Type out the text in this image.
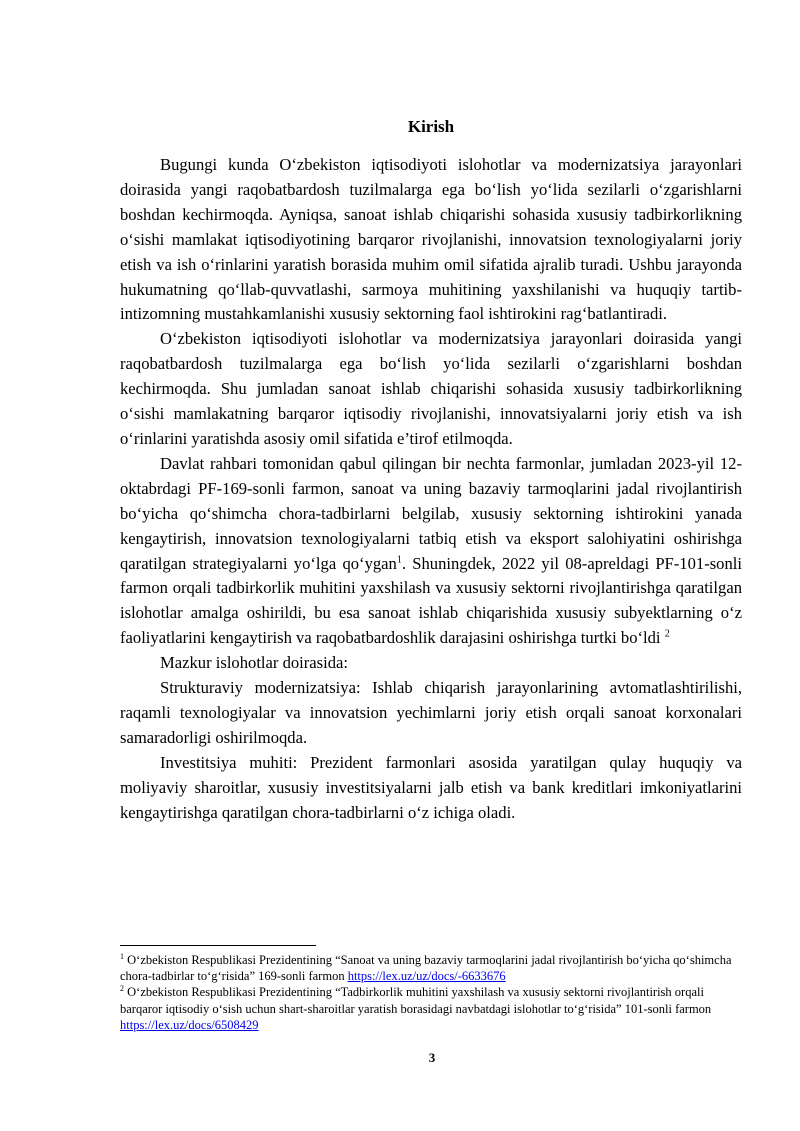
Kirish

Bugungi kunda O‘zbekiston iqtisodiyoti islohotlar va modernizatsiya jarayonlari doirasida yangi raqobatbardosh tuzilmalarga ega bo‘lish yo‘lida sezilarli o‘zgarishlarni boshdan kechirmoqda. Ayniqsa, sanoat ishlab chiqarishi sohasida xususiy tadbirkorlikning o‘sishi mamlakat iqtisodiyotining barqaror rivojlanishi, innovatsion texnologiyalarni joriy etish va ish o‘rinlarini yaratish borasida muhim omil sifatida ajralib turadi. Ushbu jarayonda hukumatning qo‘llab-quvvatlashi, sarmoya muhitining yaxshilanishi va huquqiy tartib-intizomning mustahkamlanishi xususiy sektorning faol ishtirokini rag‘batlantiradi.

O‘zbekiston iqtisodiyoti islohotlar va modernizatsiya jarayonlari doirasida yangi raqobatbardosh tuzilmalarga ega bo‘lish yo‘lida sezilarli o‘zgarishlarni boshdan kechirmoqda. Shu jumladan sanoat ishlab chiqarishi sohasida xususiy tadbirkorlikning o‘sishi mamlakatning barqaror iqtisodiy rivojlanishi, innovatsiyalarni joriy etish va ish o‘rinlarini yaratishda asosiy omil sifatida e’tirof etilmoqda.

Davlat rahbari tomonidan qabul qilingan bir nechta farmonlar, jumladan 2023-yil 12-oktabrdagi PF-169-sonli farmon, sanoat va uning bazaviy tarmoqlarini jadal rivojlantirish bo‘yicha qo‘shimcha chora-tadbirlarni belgilab, xususiy sektorning ishtirokini yanada kengaytirish, innovatsion texnologiyalarni tatbiq etish va eksport salohiyatini oshirishga qaratilgan strategiyalarni yo‘lga qo‘ygan$^1$. Shuningdek, 2022 yil 08-apreldagi PF-101-sonli farmon orqali tadbirkorlik muhitini yaxshilash va xususiy sektorni rivojlantirishga qaratilgan islohotlar amalga oshirildi, bu esa sanoat ishlab chiqarishida xususiy subyektlarning o‘z faoliyatlarini kengaytirish va raqobatbardoshlik darajasini oshirishga turtki bo‘ldi $^2$

Mazkur islohotlar doirasida:

Strukturaviy modernizatsiya: Ishlab chiqarish jarayonlarining avtomatlashtirilishi, raqamli texnologiyalar va innovatsion yechimlarni joriy etish orqali sanoat korxonalari samaradorligi oshirilmoqda.

Investitsiya muhiti: Prezident farmonlari asosida yaratilgan qulay huquqiy va moliyaviy sharoitlar, xususiy investitsiyalarni jalb etish va bank kreditlari imkoniyatlarini kengaytirishga qaratilgan chora-tadbirlarni o‘z ichiga oladi.

$^1$ O‘zbekiston Respublikasi Prezidentining “Sanoat va uning bazaviy tarmoqlarini jadal rivojlantirish bo‘yicha qo‘shimcha chora-tadbirlar to‘g‘risida” 169-sonli farmon https://lex.uz/uz/docs/-6633676

$^2$ O‘zbekiston Respublikasi Prezidentining “Tadbirkorlik muhitini yaxshilash va xususiy sektorni rivojlantirish orqali barqaror iqtisodiy o‘sish uchun shart-sharoitlar yaratish borasidagi navbatdagi islohotlar to‘g‘risida” 101-sonli farmon https://lex.uz/docs/6508429

3
